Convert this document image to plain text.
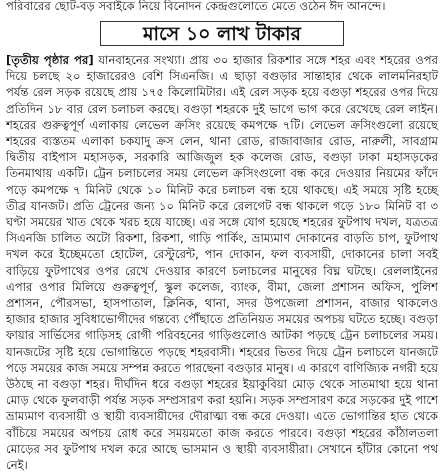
পরিবারের ছোট-বড় সবাইকে নিয়ে বিনোদন কেন্দ্রগুলোতে মেতে ওঠেন ঈদ আনন্দে।
মাসে ১০ লাখ টাকার

[তৃতীয় পৃষ্ঠার পর] যানবাহনের সংখ্যা। প্রায় ৩০ হাজার রিকশার সঙ্গে শহর এবং শহরের ওপর দিয়ে চলছে ২০ হাজারেরও বেশি সিএনজি। এ ছাড়া বগুড়ার সান্তাহার থেকে লালমনিরহাট পর্যন্ত রেল সড়ক রয়েছে প্রায় ১৭৫ কিলোমিটার। এই রেল সড়ক হয়ে বগুড়া শহরের ওপর দিয়ে প্রতিদিন ১৮ বার রেল চলাচল করছে। বগুড়া শহরকে দুই ভাগে ভাগ করে রেখেছে রেল লাইন। শহরের গুরুত্বপূর্ণ এলাকায় লেভেল ক্রসিং রয়েছে কমপক্ষে ৭টি। লেভেল ক্রসিংগুলো রয়েছে শহরের ব্যস্ততম এলাকা চকযাদু ক্রস লেন, থানা রোড, রাজাবাজার রোড, নারুলী, সাবগ্রাম দ্বিতীয় বাইপাস মহাসড়ক, সরকারি আজিজুল হক কলেজ রোড, বগুড়া ঢাকা মহাসড়কের তিনমাথায় একটি। ট্রেন চলাচলের সময় লেভেল ক্রসিংগুলো বন্ধ করে দেওয়ার নিয়মের ফাঁদে পড়ে কমপক্ষে ৭ মিনিট থেকে ১০ মিনিট করে চলাচল বন্ধ হয়ে থাকছে। এই সময়ে সৃষ্টি হচ্ছে তীব্র যানজট। প্রতি ট্রেনের জন্য ১০ মিনিট করে রেলগেট বন্ধ থাকলে গড়ে ১৮০ মিনিট বা ৩ ঘণ্টা সময়ের খাত থেকে খরচ হয়ে যাচ্ছে। এর সঙ্গে যোগ হয়েছে শহরের ফুটপাথ দখল, যত্রতত্র সিএনজি চালিত অটো রিকশা, রিকশা, গাড়ি পার্কিং, ভ্রাম্যমাণ দোকানের বাড়তি চাপ, ফুটপাথ দখল করে ইচ্ছেমতো হোটেল, রেস্টুরেন্ট, পান দোকান, ফল ব্যবসায়ী, দোকানের চালা সবই বাড়িয়ে ফুটপাথের ওপর রেখে দেওয়ার কারণে চলাচলের মানুষের বিঘ্ন ঘটছে। রেললাইনের এপার ওপার মিলিয়ে গুরুত্বপূর্ণ, স্কুল কলেজ, ব্যাংক, বীমা, জেলা প্রশাসন অফিস, পুলিশ প্রশাসন, পৌরসভা, হাসপাতাল, ক্লিনিক, থানা, সদর উপজেলা প্রশাসন, বাজার থাকলেও হাজার হাজার সুবিধাভোগীদের গন্তব্যে পৌঁছাতে প্রতিনিয়ত সময়ের অপচয় ঘটতে হচ্ছে। বগুড়া ফায়ার সার্ভিসের গাড়িসহ রোগী পরিবহনের গাড়িগুলোও আটকা পড়ছে ট্রেন চলাচলের সময়। যানজটের সৃষ্টি হয়ে ভোগান্তিতে পড়ছে শহরবাসী। শহরের ভিতর দিয়ে ট্রেন চলাচলে যানজটে পড়ে সময়ের কাজ সময়ে সম্পন্ন করতে পারছেনা বগুড়ার মানুষ। এ কারণে বাণিজ্যিক নগরী হয়ে উঠছে না বগুড়া শহর। দীর্ঘদিন ধরে বগুড়া শহরের ইয়াকুবিয়া মোড় থেকে সাতমাথা হয়ে থানা মোড় থেকে ফুলবাড়ী পর্যন্ত সড়ক সম্প্রসারণ করা হয়নি। সড়ক সম্প্রসারণ করে সড়কের দুই পাশে ভ্রাম্যমাণ ব্যবসায়ী ও স্থায়ী ব্যবসায়ীদের দৌরাত্ম্য বন্ধ করে দেওয়া। এতে ভোগান্তির হাত থেকে বাঁচিয়ে সময়ের অপচয় রোধ করে সময়মতো কাজ করতে পারবে। বগুড়া শহরের কাঁঠালতলা মোড়ের সব ফুটপাথ দখল করে আছে ভাসমান ও স্থায়ী ব্যবসায়ীরা। সেখানে হাঁটার কোনো পথ নেই।
